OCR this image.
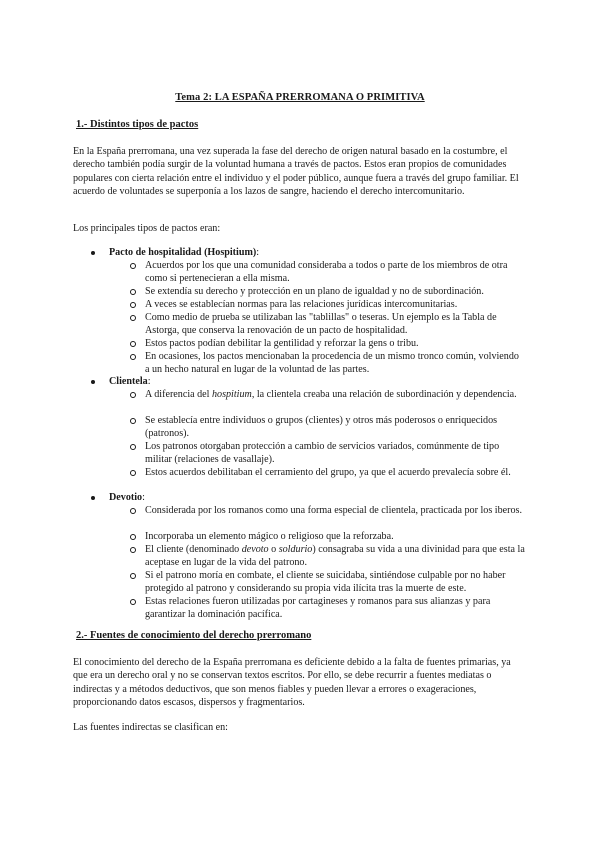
Tema 2: LA ESPAÑA PRERROMANA O PRIMITIVA
1.- Distintos tipos de pactos

En la España prerromana, una vez superada la fase del derecho de origen natural basado en la costumbre, el derecho también podía surgir de la voluntad humana a través de pactos. Estos eran propios de comunidades populares con cierta relación entre el individuo y el poder público, aunque fuera a través del grupo familiar. El acuerdo de voluntades se superponía a los lazos de sangre, haciendo el derecho intercomunitario.

Los principales tipos de pactos eran:

Pacto de hospitalidad (Hospitium):

Acuerdos por los que una comunidad consideraba a todos o parte de los miembros de otra como si pertenecieran a ella misma.

Se extendía su derecho y protección en un plano de igualdad y no de subordinación.

A veces se establecían normas para las relaciones jurídicas intercomunitarias.

Como medio de prueba se utilizaban las "tablillas" o teseras. Un ejemplo es la Tabla de Astorga, que conserva la renovación de un pacto de hospitalidad.

Estos pactos podían debilitar la gentilidad y reforzar la gens o tribu.

En ocasiones, los pactos mencionaban la procedencia de un mismo tronco común, volviendo a un hecho natural en lugar de la voluntad de las partes.

Clientela:

A diferencia del hospitium, la clientela creaba una relación de subordinación y dependencia.

Se establecía entre individuos o grupos (clientes) y otros más poderosos o enriquecidos (patronos).

Los patronos otorgaban protección a cambio de servicios variados, comúnmente de tipo militar (relaciones de vasallaje).

Estos acuerdos debilitaban el cerramiento del grupo, ya que el acuerdo prevalecía sobre él.

Devotio:

Considerada por los romanos como una forma especial de clientela, practicada por los iberos.

Incorporaba un elemento mágico o religioso que la reforzaba.

El cliente (denominado devoto o soldurio) consagraba su vida a una divinidad para que esta la aceptase en lugar de la vida del patrono.

Si el patrono moría en combate, el cliente se suicidaba, sintiéndose culpable por no haber protegido al patrono y considerando su propia vida ilícita tras la muerte de este.

Estas relaciones fueron utilizadas por cartagineses y romanos para sus alianzas y para garantizar la dominación pacífica.

2.- Fuentes de conocimiento del derecho prerromano

El conocimiento del derecho de la España prerromana es deficiente debido a la falta de fuentes primarias, ya que era un derecho oral y no se conservan textos escritos. Por ello, se debe recurrir a fuentes mediatas o indirectas y a métodos deductivos, que son menos fiables y pueden llevar a errores o exageraciones, proporcionando datos escasos, dispersos y fragmentarios.

Las fuentes indirectas se clasifican en:
